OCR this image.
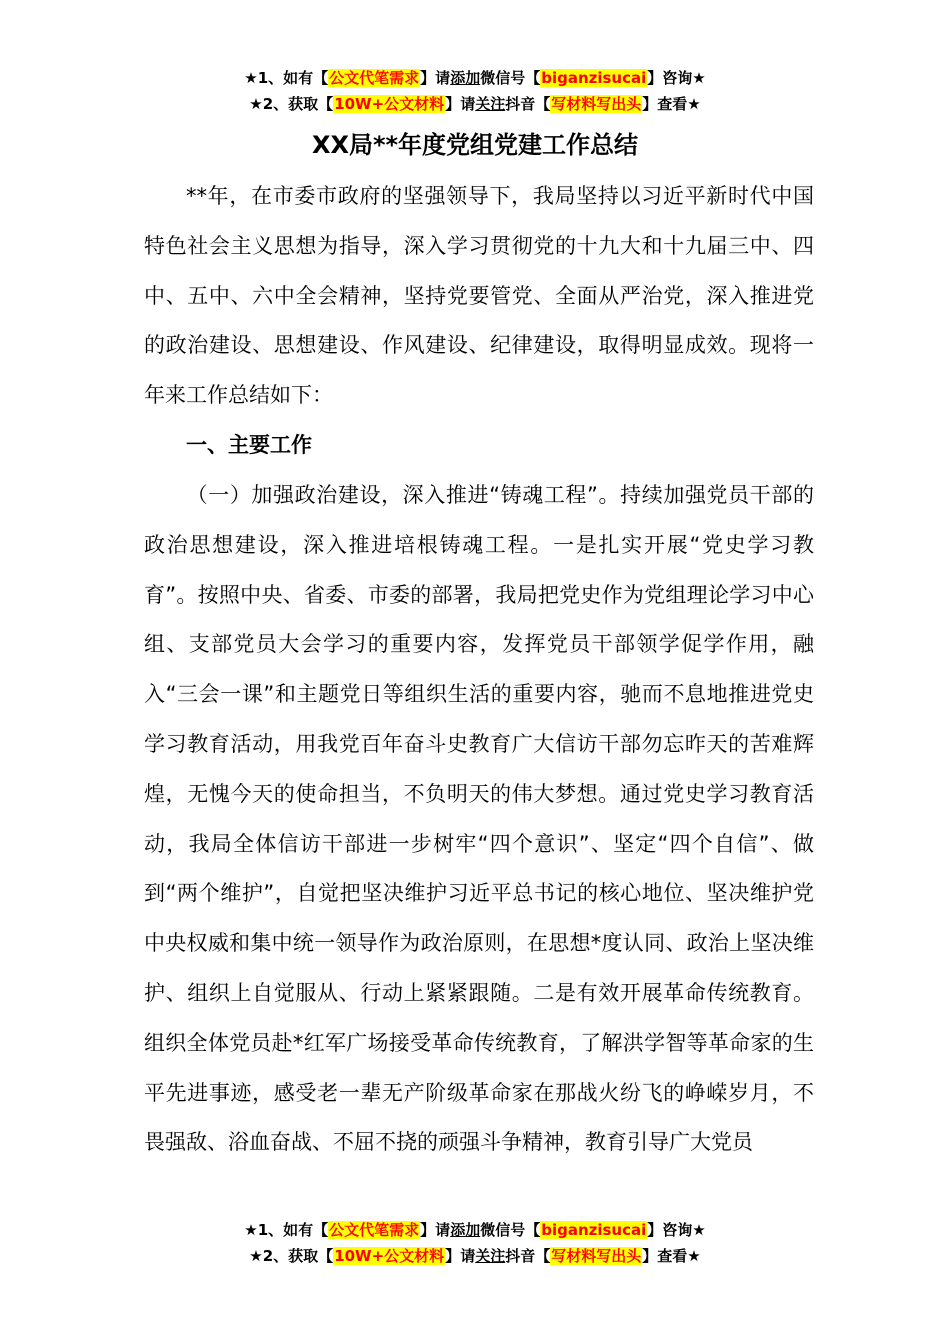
★1、如有【公文代笔需求】请添加微信号【biganzisucai】咨询★
★2、获取【10W+公文材料】请关注抖音【写材料写出头】查看★
XX局**年度党组党建工作总结
**年，在市委市政府的坚强领导下，我局坚持以习近平新时代中国特色社会主义思想为指导，深入学习贯彻党的十九大和十九届三中、四中、五中、六中全会精神，坚持党要管党、全面从严治党，深入推进党的政治建设、思想建设、作风建设、纪律建设，取得明显成效。现将一年来工作总结如下：
一、主要工作
（一）加强政治建设，深入推进“铸魂工程”。持续加强党员干部的政治思想建设，深入推进培根铸魂工程。一是扎实开展“党史学习教育”。按照中央、省委、市委的部署，我局把党史作为党组理论学习中心组、支部党员大会学习的重要内容，发挥党员干部领学促学作用，融入“三会一课”和主题党日等组织生活的重要内容，驰而不息地推进党史学习教育活动，用我党百年奋斗史教育广大信访干部勿忘昨天的苦难辉煌，无愧今天的使命担当，不负明天的伟大梦想。通过党史学习教育活动，我局全体信访干部进一步树牢“四个意识”、坚定“四个自信”、做到“两个维护”，自觉把坚决维护习近平总书记的核心地位、坚决维护党中央权威和集中统一领导作为政治原则，在思想*度认同、政治上坚决维护、组织上自觉服从、行动上紧紧跟随。二是有效开展革命传统教育。组织全体党员赴*红军广场接受革命传统教育，了解洪学智等革命家的生平先进事迹，感受老一辈无产阶级革命家在那战火纷飞的峥嵘岁月，不畏强敌、浴血奋战、不屈不挠的顽强斗争精神，教育引导广大党员
★1、如有【公文代笔需求】请添加微信号【biganzisucai】咨询★
★2、获取【10W+公文材料】请关注抖音【写材料写出头】查看★
